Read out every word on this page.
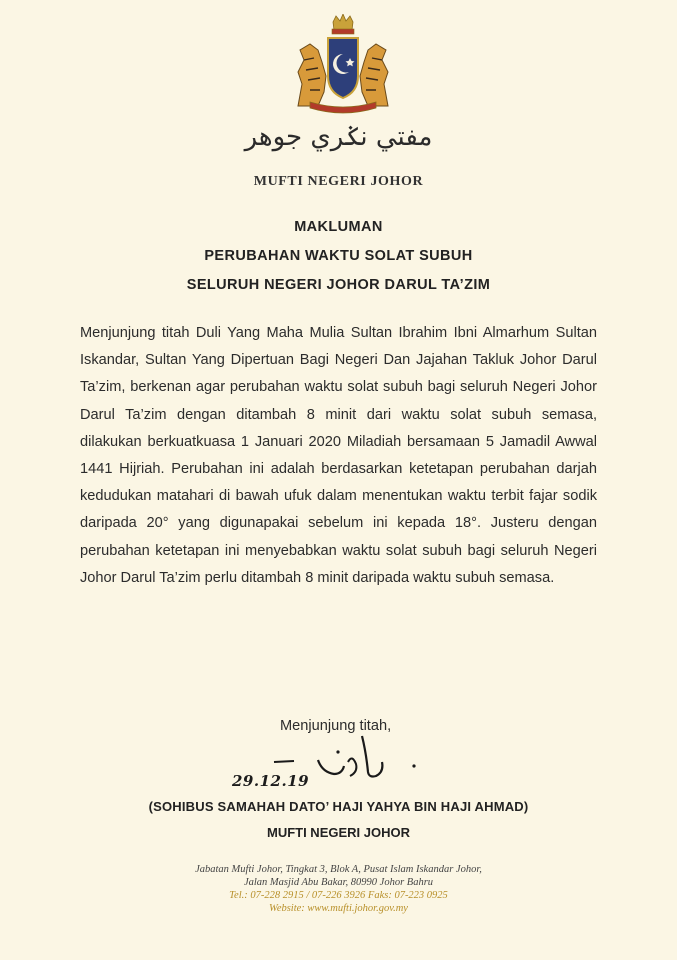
مفتي نݢري جوهر
MUFTI NEGERI JOHOR
MAKLUMAN
PERUBAHAN WAKTU SOLAT SUBUH
SELURUH NEGERI JOHOR DARUL TA’ZIM
Menjunjung titah Duli Yang Maha Mulia Sultan Ibrahim Ibni Almarhum Sultan Iskandar, Sultan Yang Dipertuan Bagi Negeri Dan Jajahan Takluk Johor Darul Ta’zim, berkenan agar perubahan waktu solat subuh bagi seluruh Negeri Johor Darul Ta’zim dengan ditambah 8 minit dari waktu solat subuh semasa, dilakukan berkuatkuasa 1 Januari 2020 Miladiah bersamaan 5 Jamadil Awwal 1441 Hijriah. Perubahan ini adalah berdasarkan ketetapan perubahan darjah kedudukan matahari di bawah ufuk dalam menentukan waktu terbit fajar sodik daripada 20° yang digunapakai sebelum ini kepada 18°. Justeru dengan perubahan ketetapan ini menyebabkan waktu solat subuh bagi seluruh Negeri Johor Darul Ta’zim perlu ditambah 8 minit daripada waktu subuh semasa.
Menjunjung titah,
29.12.19
(SOHIBUS SAMAHAH DATO’ HAJI YAHYA BIN HAJI AHMAD)
MUFTI NEGERI JOHOR
Jabatan Mufti Johor, Tingkat 3, Blok A, Pusat Islam Iskandar Johor,
Jalan Masjid Abu Bakar, 80990 Johor Bahru
Tel.: 07-228 2915 / 07-226 3926 Faks: 07-223 0925
Website: www.mufti.johor.gov.my
